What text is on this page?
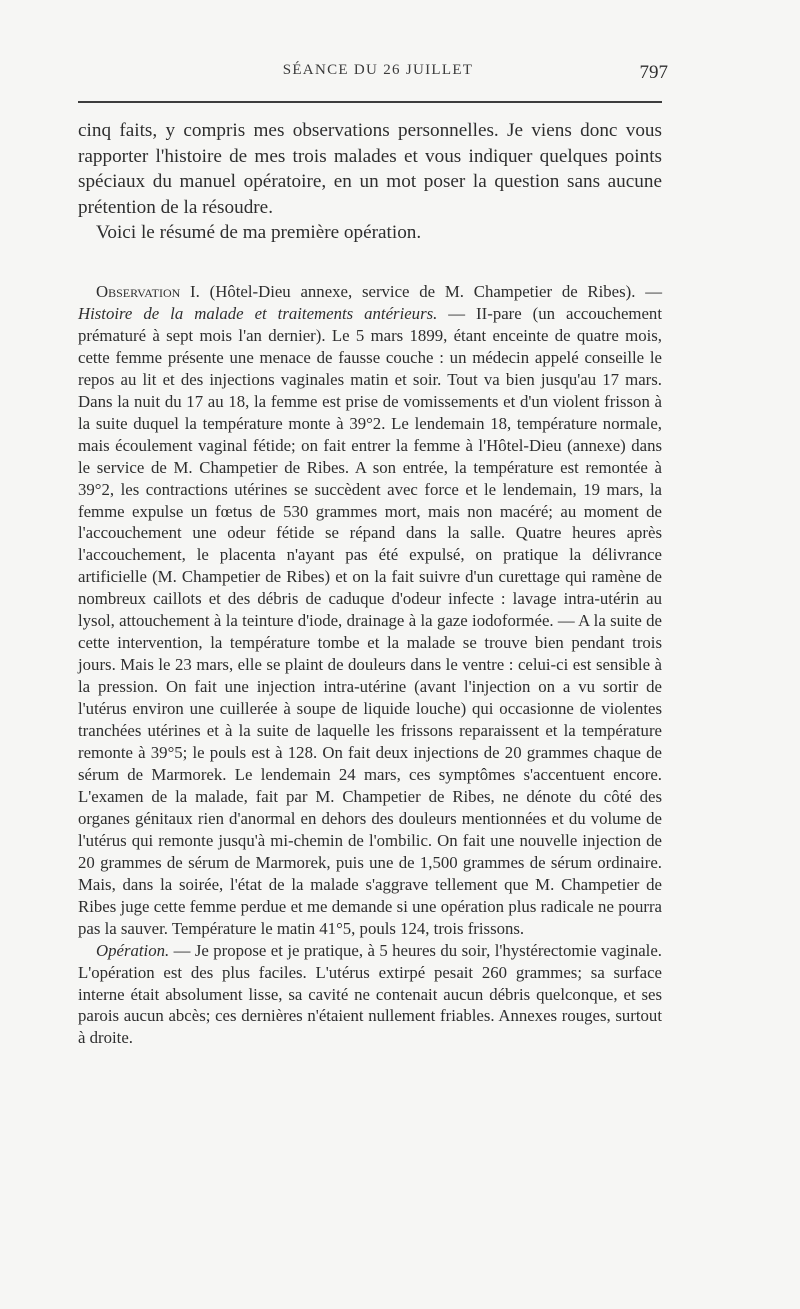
SÉANCE DU 26 JUILLET	797

cinq faits, y compris mes observations personnelles. Je viens donc vous rapporter l'histoire de mes trois malades et vous indiquer quelques points spéciaux du manuel opératoire, en un mot poser la question sans aucune prétention de la résoudre.

Voici le résumé de ma première opération.

Observation I. (Hôtel-Dieu annexe, service de M. Champetier de Ribes). — Histoire de la malade et traitements antérieurs. — II-pare (un accouchement prématuré à sept mois l'an dernier). Le 5 mars 1899, étant enceinte de quatre mois, cette femme présente une menace de fausse couche : un médecin appelé conseille le repos au lit et des injections vaginales matin et soir. Tout va bien jusqu'au 17 mars. Dans la nuit du 17 au 18, la femme est prise de vomissements et d'un violent frisson à la suite duquel la température monte à 39°2. Le lendemain 18, température normale, mais écoulement vaginal fétide; on fait entrer la femme à l'Hôtel-Dieu (annexe) dans le service de M. Champetier de Ribes. A son entrée, la température est remontée à 39°2, les contractions utérines se succèdent avec force et le lendemain, 19 mars, la femme expulse un fœtus de 530 grammes mort, mais non macéré; au moment de l'accouchement une odeur fétide se répand dans la salle. Quatre heures après l'accouchement, le placenta n'ayant pas été expulsé, on pratique la délivrance artificielle (M. Champetier de Ribes) et on la fait suivre d'un curettage qui ramène de nombreux caillots et des débris de caduque d'odeur infecte : lavage intra-utérin au lysol, attouchement à la teinture d'iode, drainage à la gaze iodoformée. — A la suite de cette intervention, la température tombe et la malade se trouve bien pendant trois jours. Mais le 23 mars, elle se plaint de douleurs dans le ventre : celui-ci est sensible à la pression. On fait une injection intra-utérine (avant l'injection on a vu sortir de l'utérus environ une cuillerée à soupe de liquide louche) qui occasionne de violentes tranchées utérines et à la suite de laquelle les frissons reparaissent et la température remonte à 39°5; le pouls est à 128. On fait deux injections de 20 grammes chaque de sérum de Marmorek. Le lendemain 24 mars, ces symptômes s'accentuent encore. L'examen de la malade, fait par M. Champetier de Ribes, ne dénote du côté des organes génitaux rien d'anormal en dehors des douleurs mentionnées et du volume de l'utérus qui remonte jusqu'à mi-chemin de l'ombilic. On fait une nouvelle injection de 20 grammes de sérum de Marmorek, puis une de 1,500 grammes de sérum ordinaire. Mais, dans la soirée, l'état de la malade s'aggrave tellement que M. Champetier de Ribes juge cette femme perdue et me demande si une opération plus radicale ne pourra pas la sauver. Température le matin 41°5, pouls 124, trois frissons.

Opération. — Je propose et je pratique, à 5 heures du soir, l'hystérectomie vaginale. L'opération est des plus faciles. L'utérus extirpé pesait 260 grammes; sa surface interne était absolument lisse, sa cavité ne contenait aucun débris quelconque, et ses parois aucun abcès; ces dernières n'étaient nullement friables. Annexes rouges, surtout à droite.
